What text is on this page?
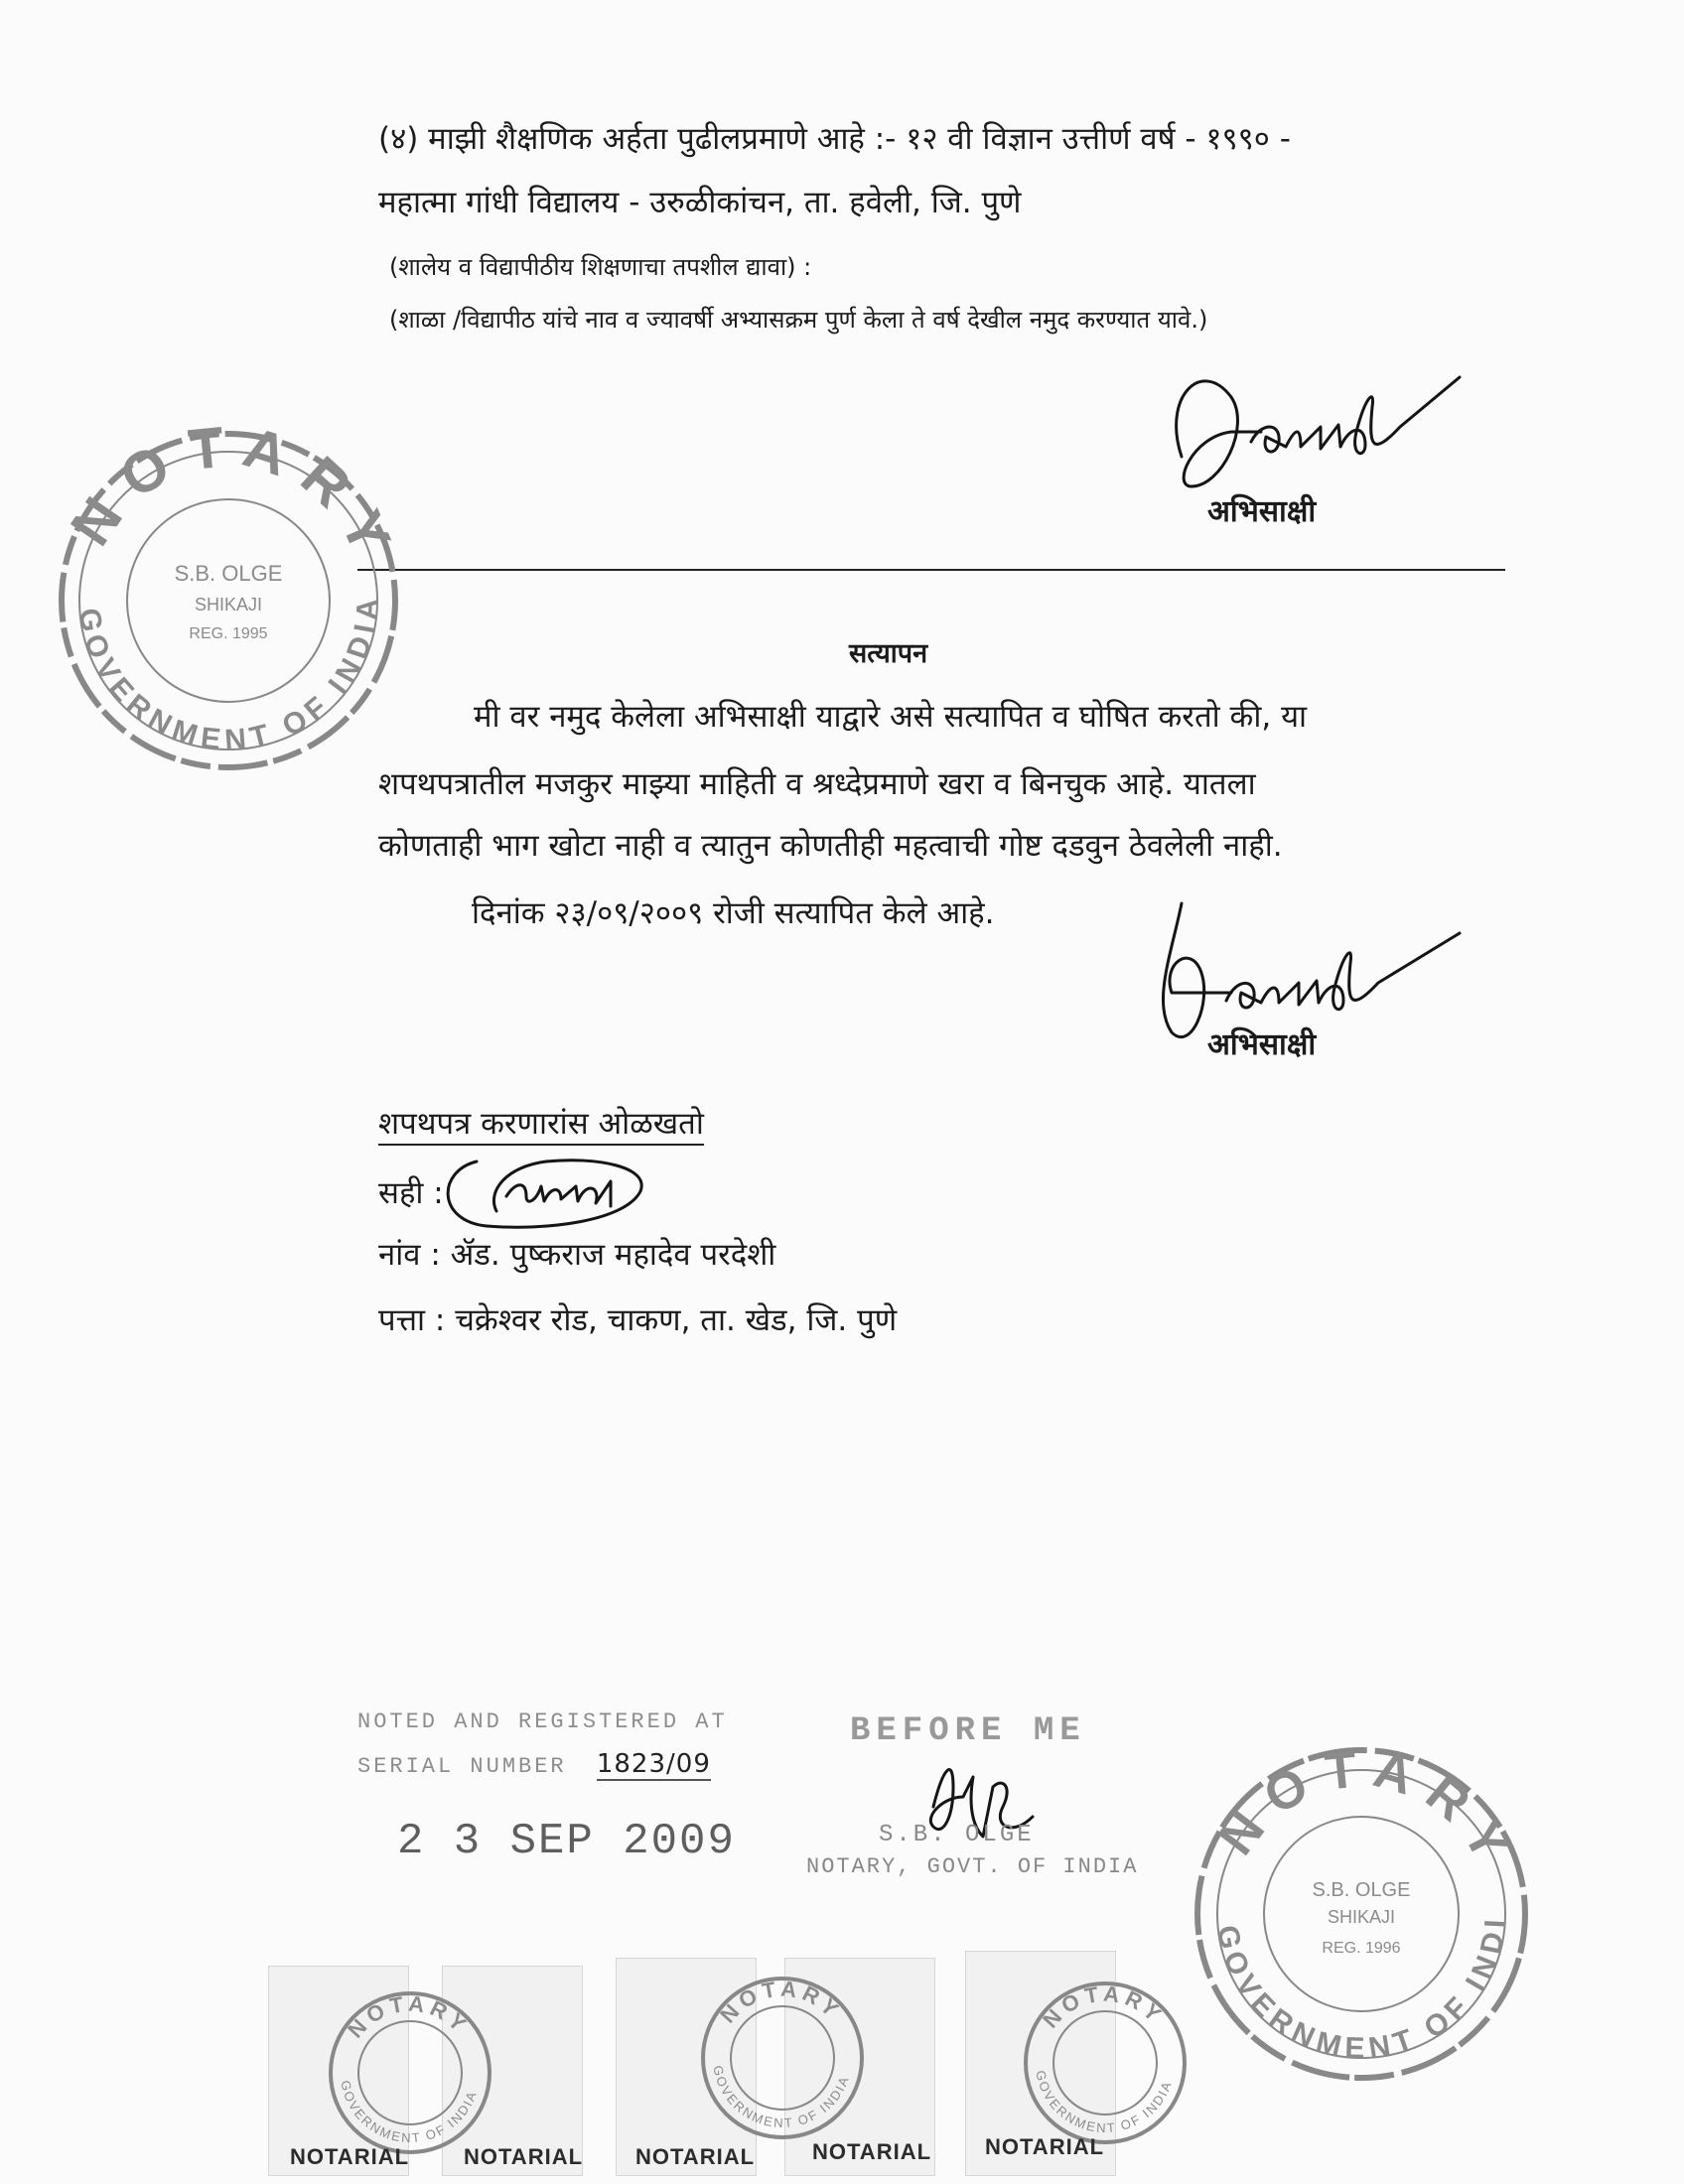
(४) माझी शैक्षणिक अर्हता पुढीलप्रमाणे आहे :- १२ वी विज्ञान उत्तीर्ण वर्ष - १९९० -
महात्मा गांधी विद्यालय - उरुळीकांचन, ता. हवेली, जि. पुणे
(शालेय व विद्यापीठीय शिक्षणाचा तपशील द्यावा) :
(शाळा /विद्यापीठ यांचे नाव व ज्यावर्षी अभ्यासक्रम पुर्ण केला ते वर्ष देखील नमुद करण्यात यावे.)
अभिसाक्षी
NOTARY
GOVERNMENT OF INDIA
S.B. OLGE
SHIKAJI
REG. 1995
सत्यापन
मी वर नमुद केलेला अभिसाक्षी याद्वारे असे सत्यापित व घोषित करतो की, या
शपथपत्रातील मजकुर माझ्या माहिती व श्रध्देप्रमाणे खरा व बिनचुक आहे. यातला
कोणताही भाग खोटा नाही व त्यातुन कोणतीही महत्वाची गोष्ट दडवुन ठेवलेली नाही.
दिनांक २३/०९/२००९ रोजी सत्यापित केले आहे.
अभिसाक्षी
शपथपत्र करणारांस ओळखतो
सही :
नांव : ॲड. पुष्कराज महादेव परदेशी
पत्ता : चक्रेश्वर रोड, चाकण, ता. खेड, जि. पुणे
NOTED AND REGISTERED AT
SERIAL NUMBER 1823/09
2 3 SEP 2009
BEFORE ME
S.B. OLGE
NOTARY, GOVT. OF INDIA
NOTARY
GOVERNMENT OF INDIA
S.B. OLGE
SHIKAJI
REG. 1996
NOTARY
GOVERNMENT OF INDIA
NOTARY
GOVERNMENT OF INDIA
NOTARY
GOVERNMENT OF INDIA
NOTARIAL NOTARIAL NOTARIAL	NOTARIAL NOTARIAL
